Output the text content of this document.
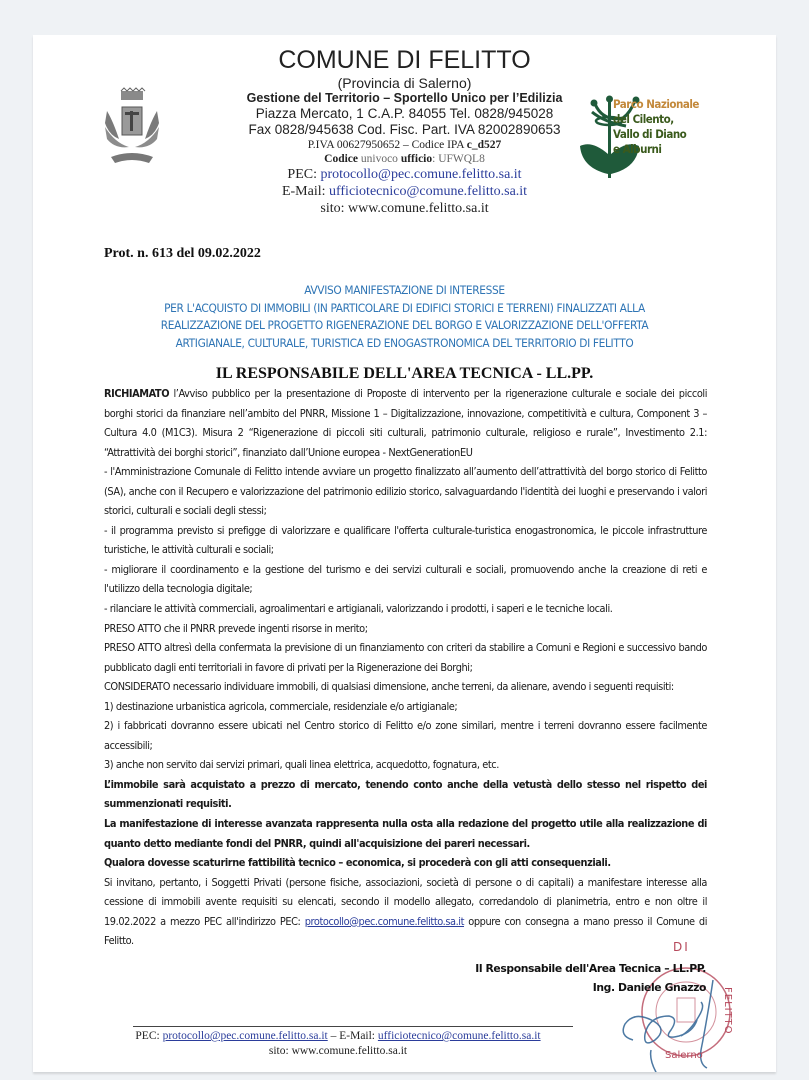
COMUNE DI FELITTO
(Provincia di Salerno)
Gestione del Territorio – Sportello Unico per l’Edilizia
Piazza Mercato, 1 C.A.P. 84055 Tel. 0828/945028
Fax 0828/945638 Cod. Fisc. Part. IVA 82002890653
P.IVA 00627950652 – Codice IPA c_d527
Codice univoco ufficio: UFWQL8
PEC: protocollo@pec.comune.felitto.sa.it
E-Mail: ufficiotecnico@comune.felitto.sa.it
sito: www.comune.felitto.sa.it
Parco Nazionale
del Cilento,
Vallo di Diano
e Alburni
Prot. n. 613 del 09.02.2022
AVVISO MANIFESTAZIONE DI INTERESSE
PER L'ACQUISTO DI IMMOBILI (IN PARTICOLARE DI EDIFICI STORICI E TERRENI) FINALIZZATI ALLA
REALIZZAZIONE DEL PROGETTO RIGENERAZIONE DEL BORGO E VALORIZZAZIONE DELL'OFFERTA
ARTIGIANALE, CULTURALE, TURISTICA ED ENOGASTRONOMICA DEL TERRITORIO DI FELITTO
IL RESPONSABILE DELL'AREA TECNICA - LL.PP.

RICHIAMATO l’Avviso pubblico per la presentazione di Proposte di intervento per la rigenerazione culturale e sociale dei piccoli borghi storici da finanziare nell’ambito del PNRR, Missione 1 – Digitalizzazione, innovazione, competitività e cultura, Component 3 – Cultura 4.0 (M1C3). Misura 2 “Rigenerazione di piccoli siti culturali, patrimonio culturale, religioso e rurale”, Investimento 2.1: “Attrattività dei borghi storici”, finanziato dall’Unione europea - NextGenerationEU

- l'Amministrazione Comunale di Felitto intende avviare un progetto finalizzato all’aumento dell’attrattività del borgo storico di Felitto (SA), anche con il Recupero e valorizzazione del patrimonio edilizio storico, salvaguardando l'identità dei luoghi e preservando i valori storici, culturali e sociali degli stessi;

- il programma previsto si prefigge di valorizzare e qualificare l'offerta culturale-turistica enogastronomica, le piccole infrastrutture turistiche, le attività culturali e sociali;

- migliorare il coordinamento e la gestione del turismo e dei servizi culturali e sociali, promuovendo anche la creazione di reti e l'utilizzo della tecnologia digitale;

- rilanciare le attività commerciali, agroalimentari e artigianali, valorizzando i prodotti, i saperi e le tecniche locali.

PRESO ATTO che il PNRR prevede ingenti risorse in merito;

PRESO ATTO altresì della confermata la previsione di un finanziamento con criteri da stabilire a Comuni e Regioni e successivo bando pubblicato dagli enti territoriali in favore di privati per la Rigenerazione dei Borghi;

CONSIDERATO necessario individuare immobili, di qualsiasi dimensione, anche terreni, da alienare, avendo i seguenti requisiti:

1) destinazione urbanistica agricola, commerciale, residenziale e/o artigianale;

2) i fabbricati dovranno essere ubicati nel Centro storico di Felitto e/o zone similari, mentre i terreni dovranno essere facilmente accessibili;

3) anche non servito dai servizi primari, quali linea elettrica, acquedotto, fognatura, etc.

L’immobile sarà acquistato a prezzo di mercato, tenendo conto anche della vetustà dello stesso nel rispetto dei summenzionati requisiti.

La manifestazione di interesse avanzata rappresenta nulla osta alla redazione del progetto utile alla realizzazione di quanto detto mediante fondi del PNRR, quindi all'acquisizione dei pareri necessari.

Qualora dovesse scaturirne fattibilità tecnico – economica, si procederà con gli atti consequenziali.

Si invitano, pertanto, i Soggetti Privati (persone fisiche, associazioni, società di persone o di capitali) a manifestare interesse alla cessione di immobili avente requisiti su elencati, secondo il modello allegato, corredandolo di planimetria, entro e non oltre il 19.02.2022 a mezzo PEC all'indirizzo PEC: protocollo@pec.comune.felitto.sa.it oppure con consegna a mano presso il Comune di Felitto.	DI
FELITTO
Salerno
Il Responsabile dell'Area Tecnica – LL.PP.
Ing. Daniele Gnazzo
PEC: protocollo@pec.comune.felitto.sa.it – E-Mail: ufficiotecnico@comune.felitto.sa.it
sito: www.comune.felitto.sa.it
